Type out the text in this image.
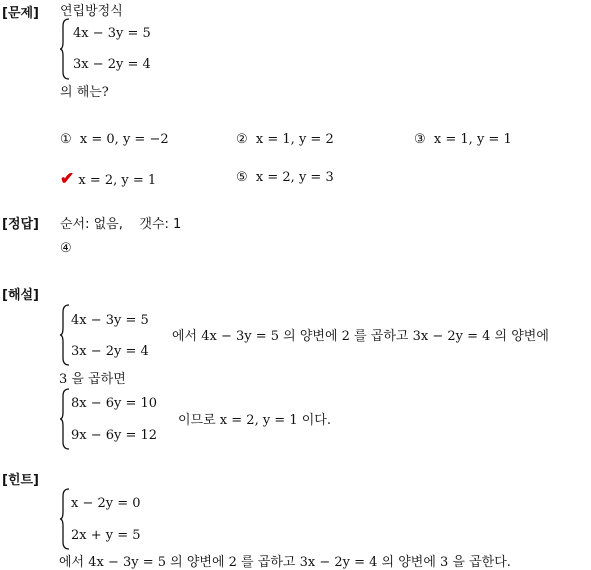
[문제] 연립방정식
4x − 3y = 5
3x − 2y = 4
의 해는?
① x = 0, y = −2	② x = 1, y = 2	③ x = 1, y = 1
✔ x = 2, y = 1	⑤ x = 2, y = 3
[정답] 순서: 없음,    갯수: 1
④
[해설]
4x − 3y = 5
3x − 2y = 4
에서 4x − 3y = 5 의 양변에 2 를 곱하고 3x − 2y = 4 의 양변에
3 을 곱하면
8x − 6y = 10
9x − 6y = 12
이므로 x = 2, y = 1 이다.
[힌트]
x − 2y = 0
2x + y = 5
에서 4x − 3y = 5 의 양변에 2 를 곱하고 3x − 2y = 4 의 양변에 3 을 곱한다.
